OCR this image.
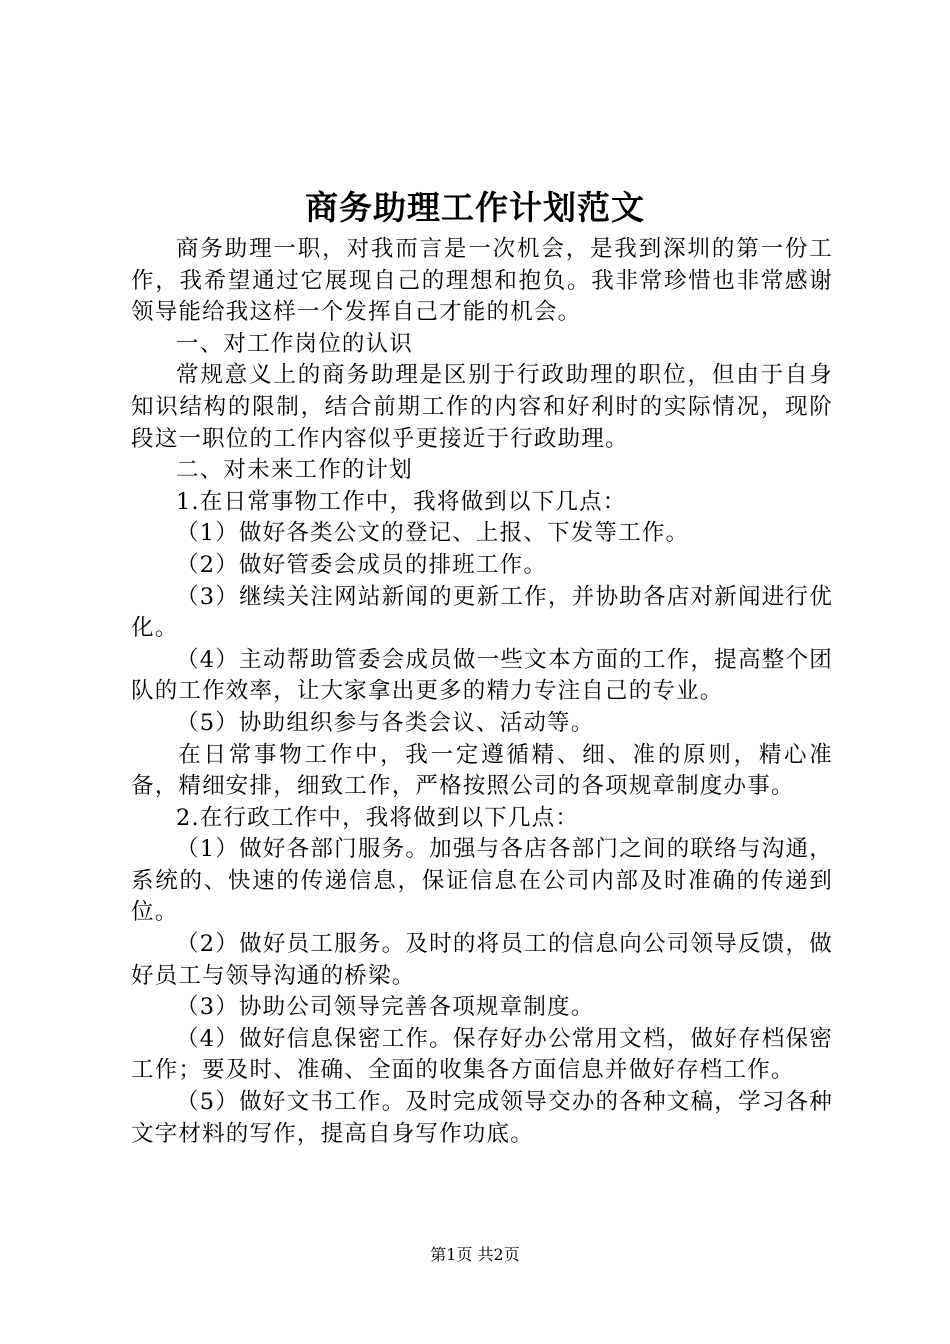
商务助理工作计划范文

商务助理一职，对我而言是一次机会，是我到深圳的第一份工作，我希望通过它展现自己的理想和抱负。我非常珍惜也非常感谢领导能给我这样一个发挥自己才能的机会。

一、对工作岗位的认识

常规意义上的商务助理是区别于行政助理的职位，但由于自身知识结构的限制，结合前期工作的内容和好利时的实际情况，现阶段这一职位的工作内容似乎更接近于行政助理。

二、对未来工作的计划

1.在日常事物工作中，我将做到以下几点：

（1）做好各类公文的登记、上报、下发等工作。

（2）做好管委会成员的排班工作。

（3）继续关注网站新闻的更新工作，并协助各店对新闻进行优化。

（4）主动帮助管委会成员做一些文本方面的工作，提高整个团队的工作效率，让大家拿出更多的精力专注自己的专业。

（5）协助组织参与各类会议、活动等。

在日常事物工作中，我一定遵循精、细、准的原则，精心准备，精细安排，细致工作，严格按照公司的各项规章制度办事。

2.在行政工作中，我将做到以下几点：

（1）做好各部门服务。加强与各店各部门之间的联络与沟通，系统的、快速的传递信息，保证信息在公司内部及时准确的传递到位。

（2）做好员工服务。及时的将员工的信息向公司领导反馈，做好员工与领导沟通的桥梁。

（3）协助公司领导完善各项规章制度。

（4）做好信息保密工作。保存好办公常用文档，做好存档保密工作；要及时、准确、全面的收集各方面信息并做好存档工作。

（5）做好文书工作。及时完成领导交办的各种文稿，学习各种文字材料的写作，提高自身写作功底。

第1页 共2页
